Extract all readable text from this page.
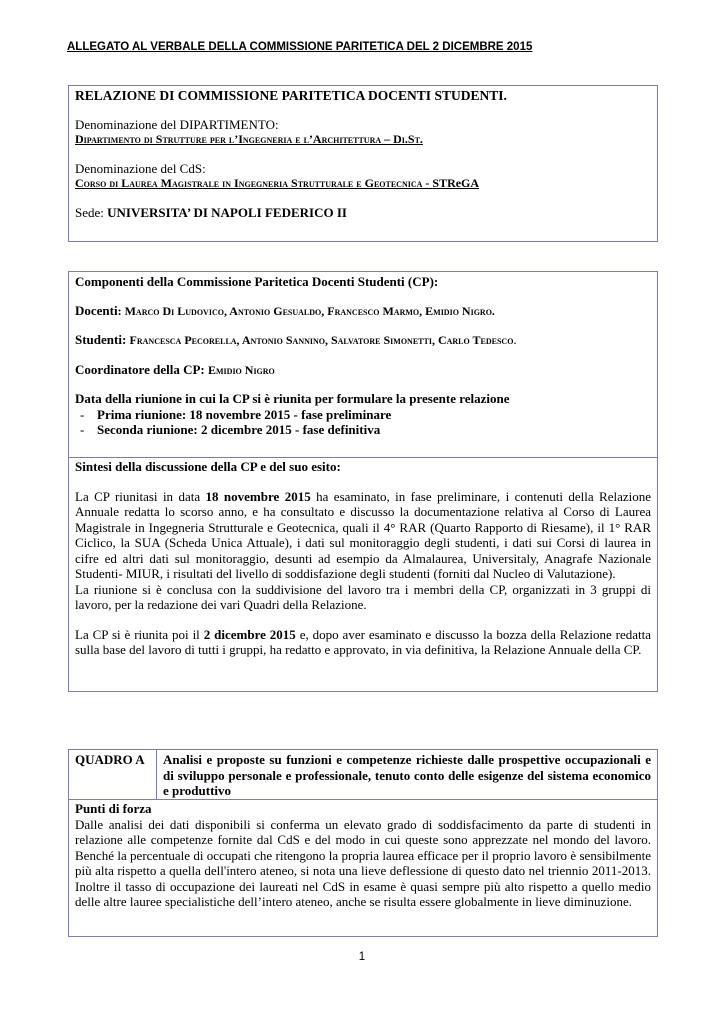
ALLEGATO AL VERBALE DELLA COMMISSIONE PARITETICA DEL 2 DICEMBRE 2015

RELAZIONE DI COMMISSIONE PARITETICA DOCENTI STUDENTI.

Denominazione del DIPARTIMENTO:

Dipartimento di Strutture per l’Ingegneria e l’Architettura – Di.St.

Denominazione del CdS:

Corso di Laurea Magistrale in Ingegneria Strutturale e Geotecnica - STReGA

Sede: UNIVERSITA’ DI NAPOLI FEDERICO II

Componenti della Commissione Paritetica Docenti Studenti (CP):

Docenti: Marco Di Ludovico, Antonio Gesualdo, Francesco Marmo, Emidio Nigro.

Studenti: Francesca Pecorella, Antonio Sannino, Salvatore Simonetti, Carlo Tedesco.

Coordinatore della CP: Emidio Nigro

Data della riunione in cui la CP si è riunita per formulare la presente relazione

- Prima riunione: 18 novembre 2015 - fase preliminare
- Seconda riunione: 2 dicembre 2015 - fase definitiva

Sintesi della discussione della CP e del suo esito:

La CP riunitasi in data 18 novembre 2015 ha esaminato, in fase preliminare, i contenuti della Relazione Annuale redatta lo scorso anno, e ha consultato e discusso la documentazione relativa al Corso di Laurea Magistrale in Ingegneria Strutturale e Geotecnica, quali il 4° RAR (Quarto Rapporto di Riesame), il 1° RAR Ciclico, la SUA (Scheda Unica Attuale), i dati sul monitoraggio degli studenti, i dati sui Corsi di laurea in cifre ed altri dati sul monitoraggio, desunti ad esempio da Almalaurea, Universitaly, Anagrafe Nazionale Studenti- MIUR, i risultati del livello di soddisfazione degli studenti (forniti dal Nucleo di Valutazione).

La riunione si è conclusa con la suddivisione del lavoro tra i membri della CP, organizzati in 3 gruppi di lavoro, per la redazione dei vari Quadri della Relazione.

La CP si è riunita poi il 2 dicembre 2015 e, dopo aver esaminato e discusso la bozza della Relazione redatta sulla base del lavoro di tutti i gruppi, ha redatto e approvato, in via definitiva, la Relazione Annuale della CP.

QUADRO A	Analisi e proposte su funzioni e competenze richieste dalle prospettive occupazionali e di sviluppo personale e professionale, tenuto conto delle esigenze del sistema economico e produttivo

Punti di forza

Dalle analisi dei dati disponibili si conferma un elevato grado di soddisfacimento da parte di studenti in relazione alle competenze fornite dal CdS e del modo in cui queste sono apprezzate nel mondo del lavoro. Benché la percentuale di occupati che ritengono la propria laurea efficace per il proprio lavoro è sensibilmente più alta rispetto a quella dell'intero ateneo, si nota una lieve deflessione di questo dato nel triennio 2011-2013. Inoltre il tasso di occupazione dei laureati nel CdS in esame è quasi sempre più alto rispetto a quello medio delle altre lauree specialistiche dell’intero ateneo, anche se risulta essere globalmente in lieve diminuzione.

1
